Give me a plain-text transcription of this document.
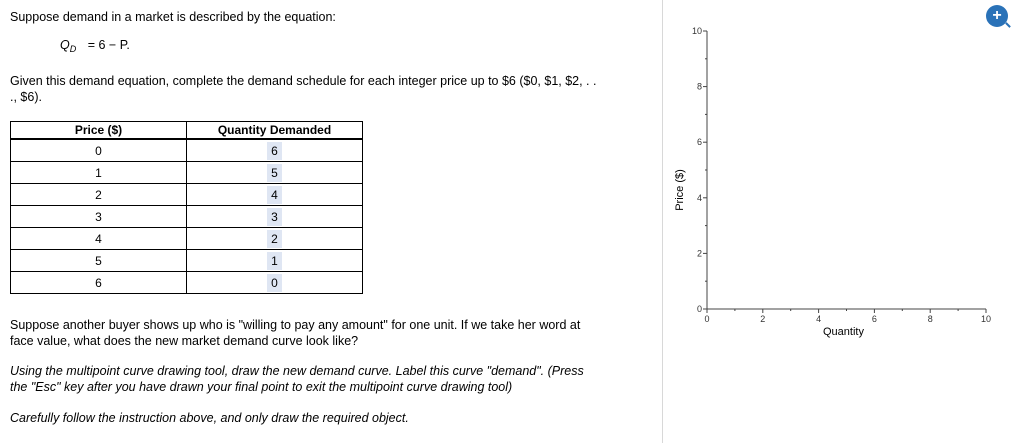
Suppose demand in a market is described by the equation:
$Q_D = 6 - P$.
Given this demand equation, complete the demand schedule for each integer price up to $6 ($0, $1, $2, . .
., $6).
Price ($)	Quantity Demanded
0	6
1	5
2	4
3	3
4	2
5	1
6	0
Suppose another buyer shows up who is "willing to pay any amount" for one unit. If we take her word at
face value, what does the new market demand curve look like?
Using the multipoint curve drawing tool, draw the new demand curve. Label this curve "demand". (Press
the "Esc" key after you have drawn your final point to exit the multipoint curve drawing tool)
Carefully follow the instruction above, and only draw the required object.
+
Price ($)
Quantity
0
2
4
6
8
10
0	2	4	6	8	10
